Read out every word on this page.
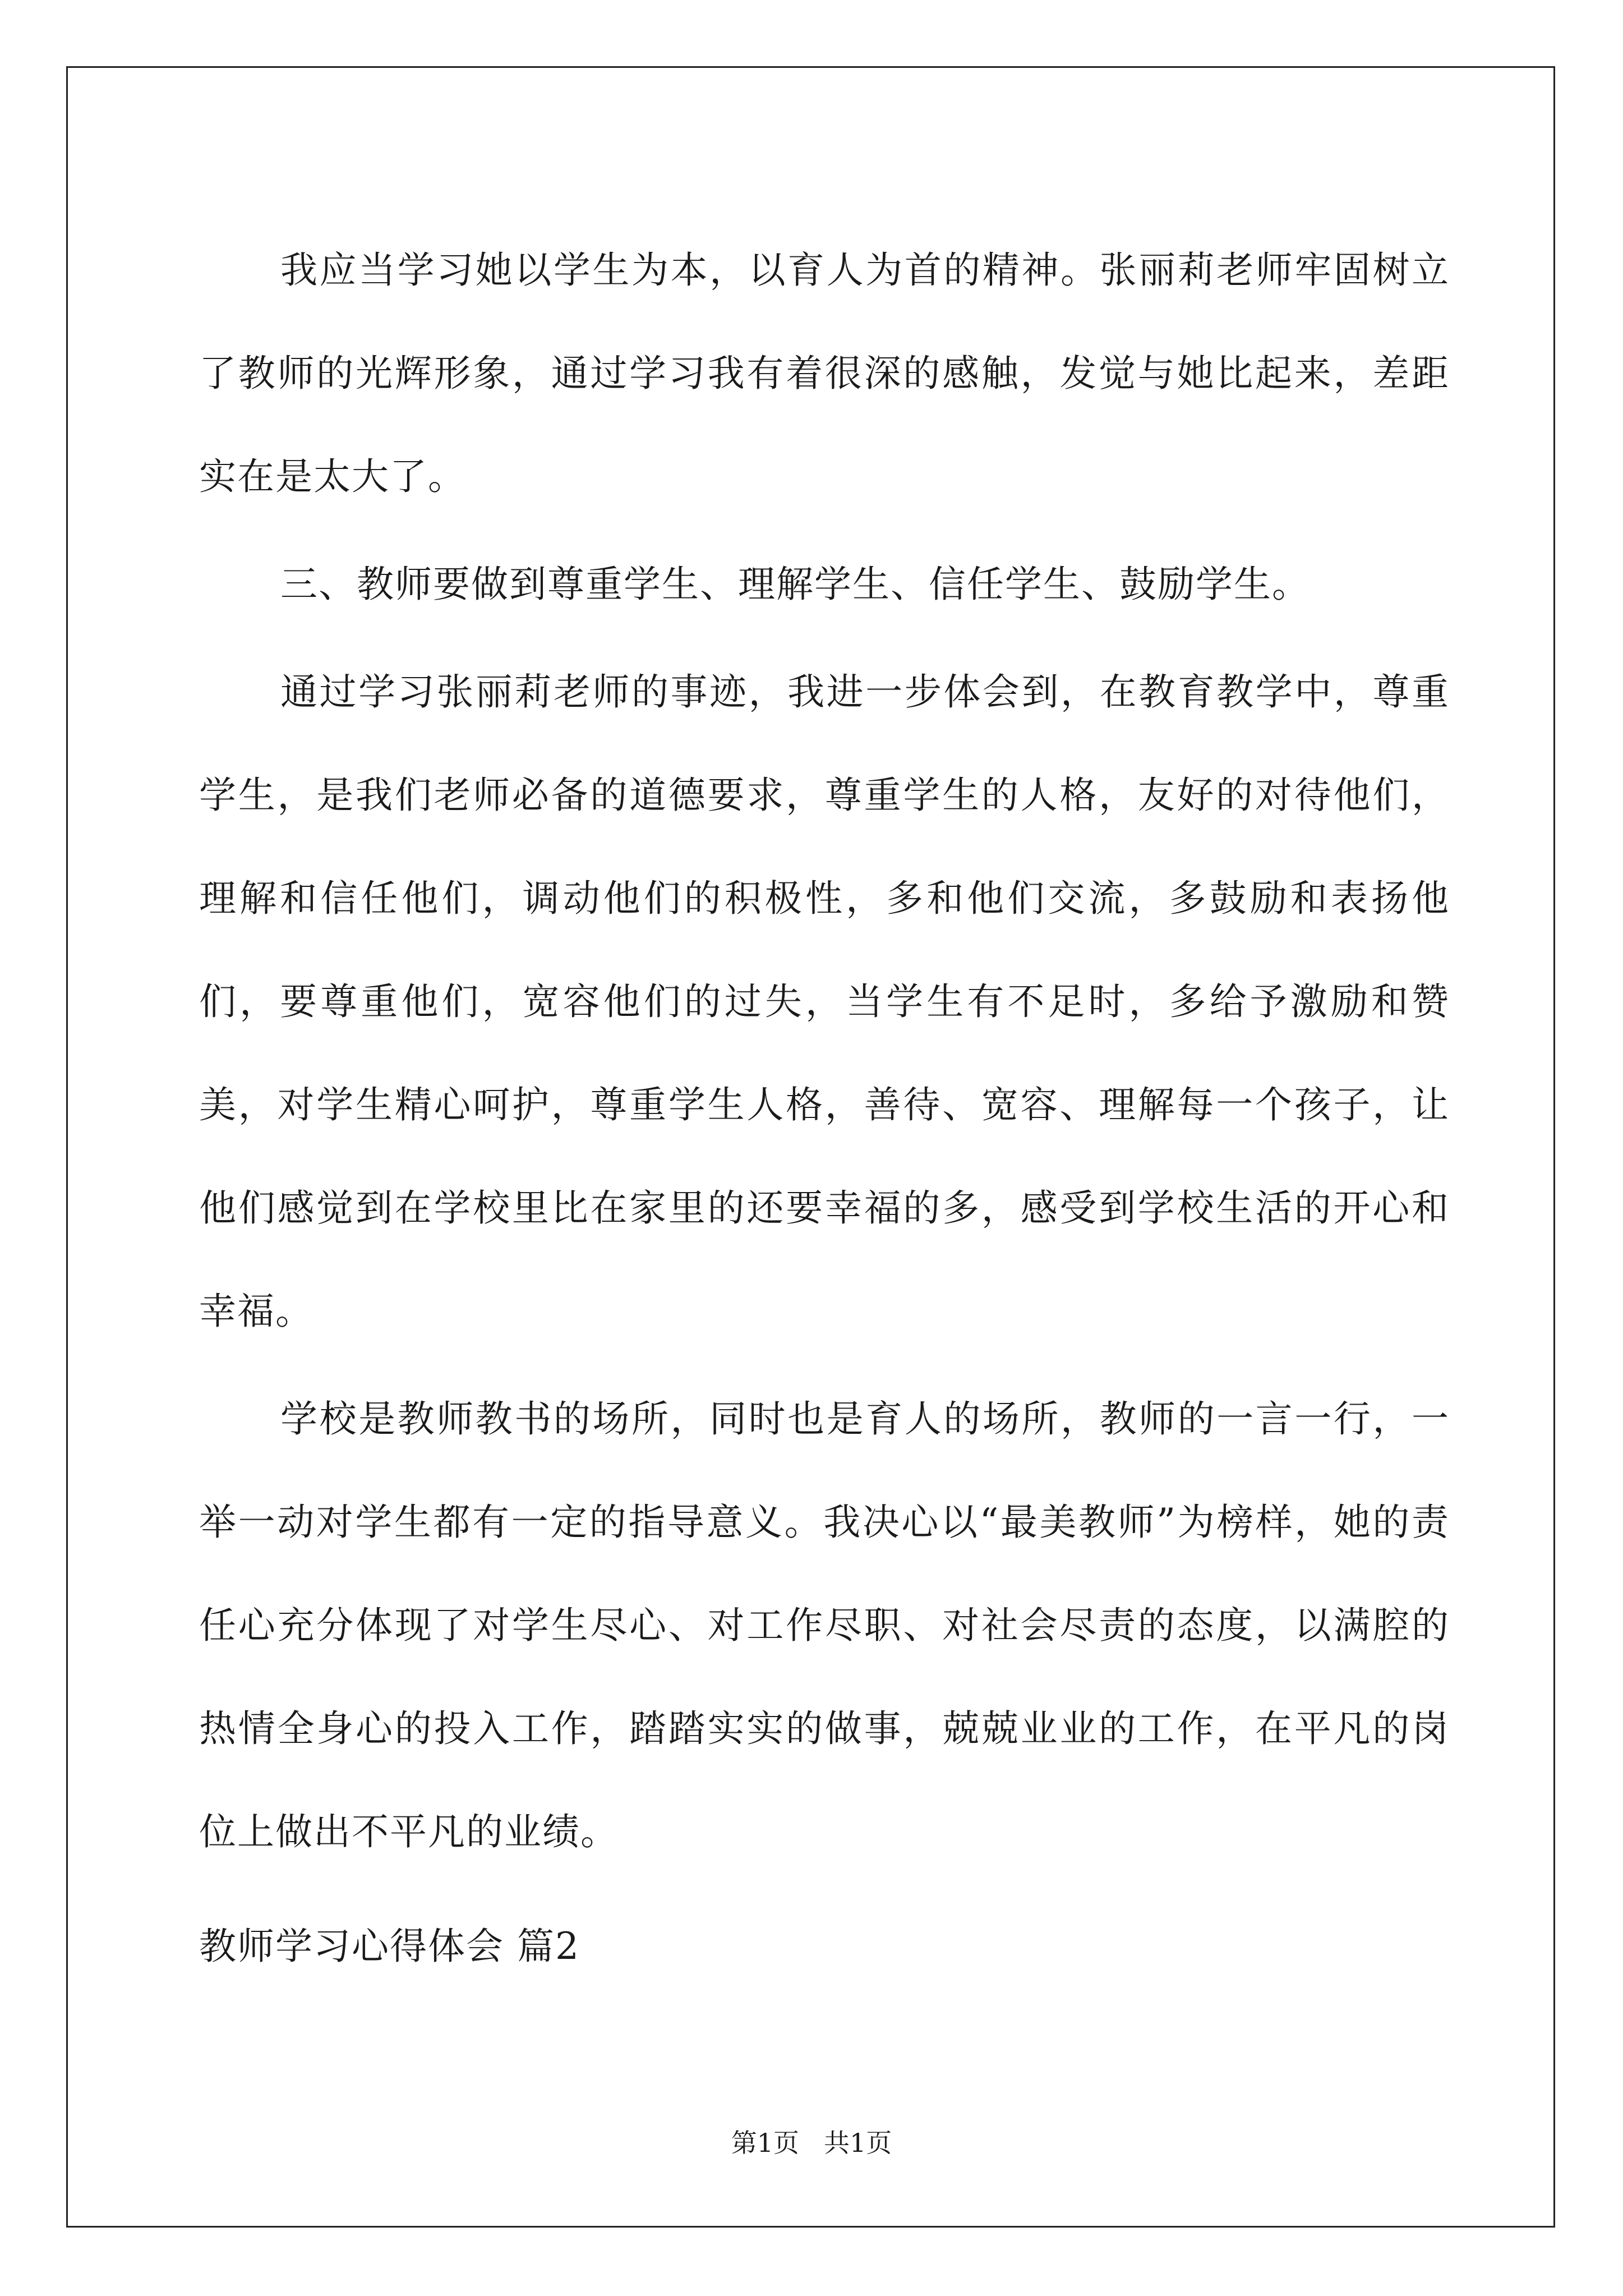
我应当学习她以学生为本，以育人为首的精神。张丽莉老师牢固树立了教师的光辉形象，通过学习我有着很深的感触，发觉与她比起来，差距实在是太大了。

三、教师要做到尊重学生、理解学生、信任学生、鼓励学生。

通过学习张丽莉老师的事迹，我进一步体会到，在教育教学中，尊重学生，是我们老师必备的道德要求，尊重学生的人格，友好的对待他们，理解和信任他们，调动他们的积极性，多和他们交流，多鼓励和表扬他们，要尊重他们，宽容他们的过失，当学生有不足时，多给予激励和赞美，对学生精心呵护，尊重学生人格，善待、宽容、理解每一个孩子，让他们感觉到在学校里比在家里的还要幸福的多，感受到学校生活的开心和幸福。

学校是教师教书的场所，同时也是育人的场所，教师的一言一行，一举一动对学生都有一定的指导意义。我决心以“最美教师”为榜样，她的责任心充分体现了对学生尽心、对工作尽职、对社会尽责的态度，以满腔的热情全身心的投入工作，踏踏实实的做事，兢兢业业的工作，在平凡的岗位上做出不平凡的业绩。

教师学习心得体会 篇2

第1页 共1页
